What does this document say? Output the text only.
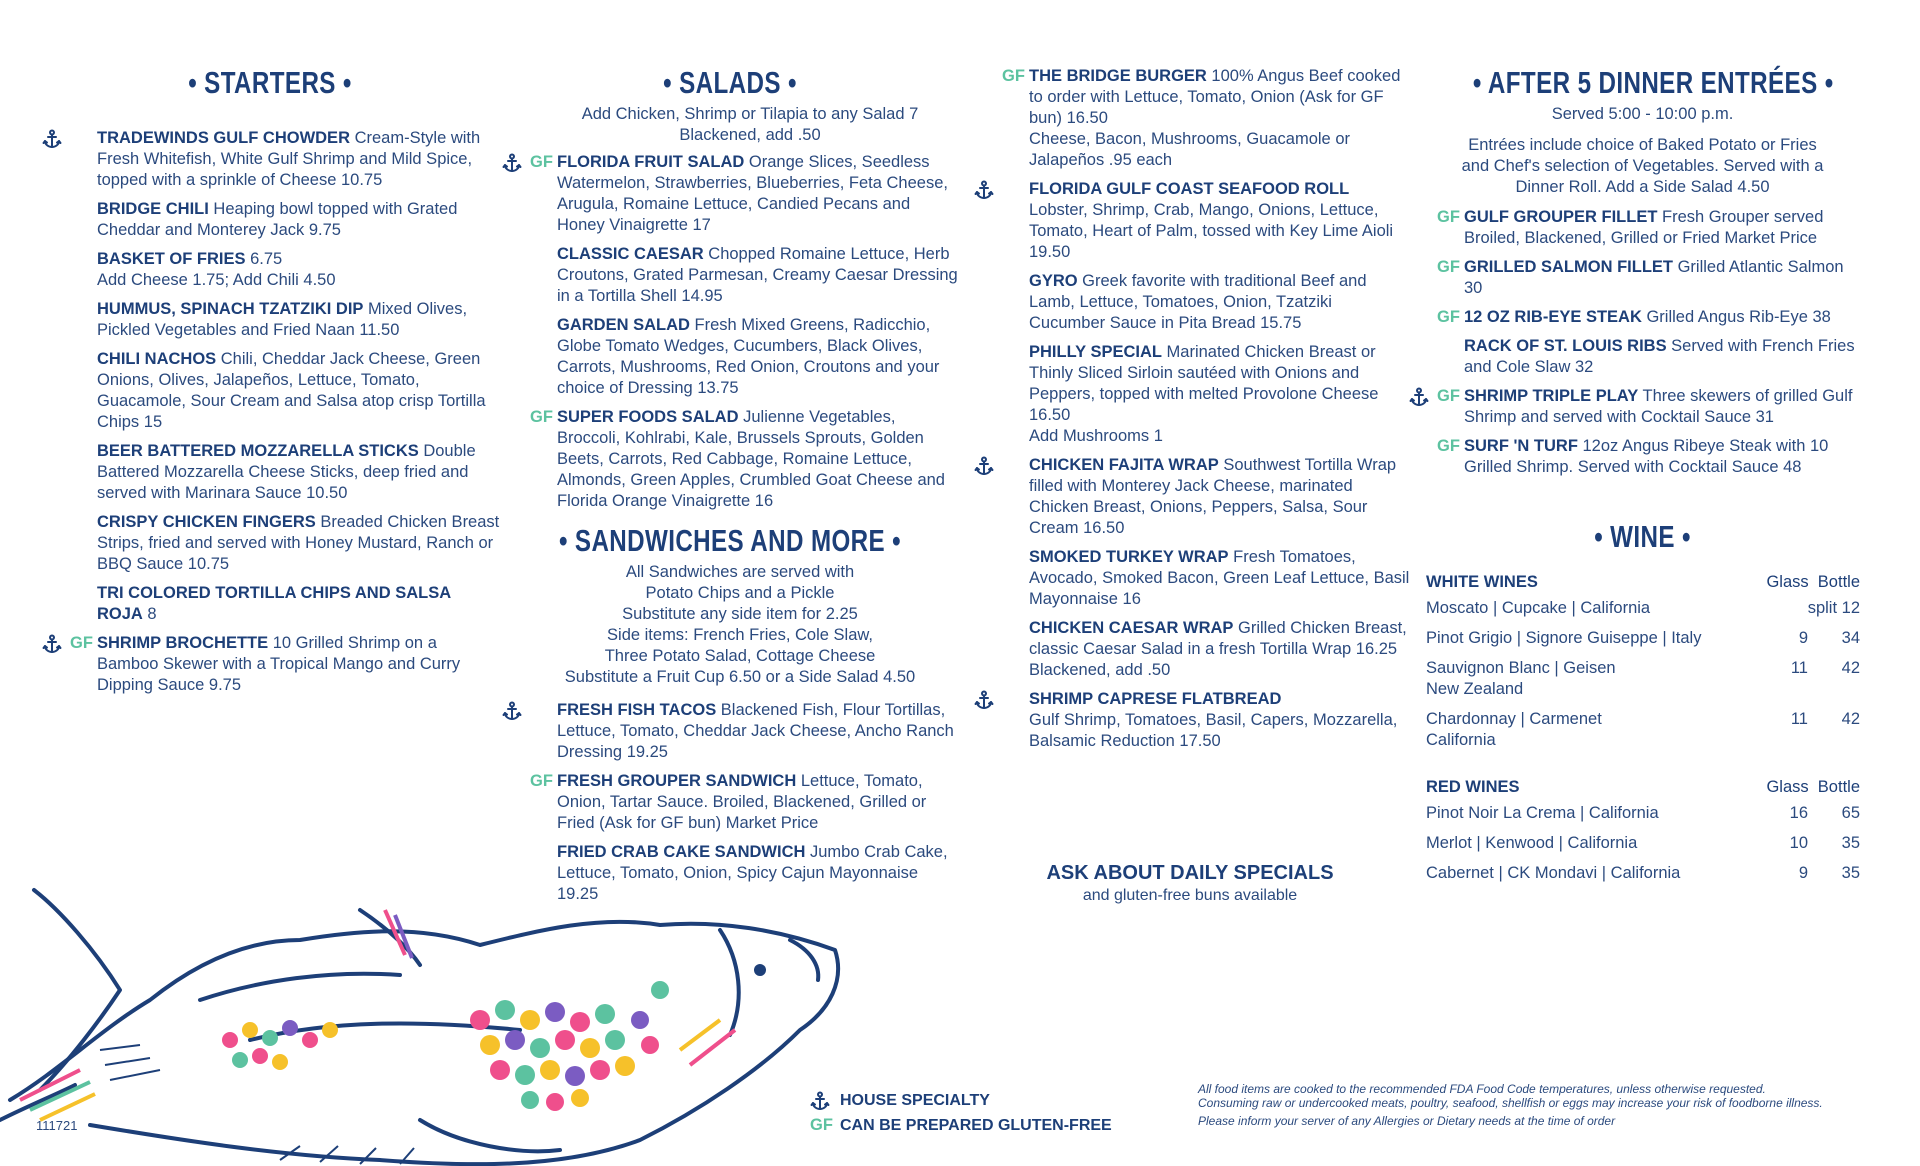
• STARTERS •
TRADEWINDS GULF CHOWDER Cream-Style with Fresh Whitefish, White Gulf Shrimp and Mild Spice, topped with a sprinkle of Cheese 10.75
BRIDGE CHILI Heaping bowl topped with Grated Cheddar and Monterey Jack 9.75
BASKET OF FRIES 6.75
Add Cheese 1.75; Add Chili 4.50
HUMMUS, SPINACH TZATZIKI DIP Mixed Olives, Pickled Vegetables and Fried Naan 11.50
CHILI NACHOS Chili, Cheddar Jack Cheese, Green Onions, Olives, Jalapeños, Lettuce, Tomato, Guacamole, Sour Cream and Salsa atop crisp Tortilla Chips 15
BEER BATTERED MOZZARELLA STICKS Double Battered Mozzarella Cheese Sticks, deep fried and served with Marinara Sauce 10.50
CRISPY CHICKEN FINGERS Breaded Chicken Breast Strips, fried and served with Honey Mustard, Ranch or BBQ Sauce 10.75
TRI COLORED TORTILLA CHIPS AND SALSA ROJA 8
GF SHRIMP BROCHETTE 10 Grilled Shrimp on a Bamboo Skewer with a Tropical Mango and Curry Dipping Sauce 9.75
• SALADS •
Add Chicken, Shrimp or Tilapia to any Salad 7
Blackened, add .50
GF FLORIDA FRUIT SALAD Orange Slices, Seedless Watermelon, Strawberries, Blueberries, Feta Cheese, Arugula, Romaine Lettuce, Candied Pecans and Honey Vinaigrette 17
CLASSIC CAESAR Chopped Romaine Lettuce, Herb Croutons, Grated Parmesan, Creamy Caesar Dressing in a Tortilla Shell 14.95
GARDEN SALAD Fresh Mixed Greens, Radicchio, Globe Tomato Wedges, Cucumbers, Black Olives, Carrots, Mushrooms, Red Onion, Croutons and your choice of Dressing 13.75
GF SUPER FOODS SALAD Julienne Vegetables, Broccoli, Kohlrabi, Kale, Brussels Sprouts, Golden Beets, Carrots, Red Cabbage, Romaine Lettuce, Almonds, Green Apples, Crumbled Goat Cheese and Florida Orange Vinaigrette 16
• SANDWICHES AND MORE •
All Sandwiches are served with
Potato Chips and a Pickle
Substitute any side item for 2.25
Side items: French Fries, Cole Slaw,
Three Potato Salad, Cottage Cheese
Substitute a Fruit Cup 6.50 or a Side Salad 4.50
FRESH FISH TACOS Blackened Fish, Flour Tortillas, Lettuce, Tomato, Cheddar Jack Cheese, Ancho Ranch Dressing 19.25
GF FRESH GROUPER SANDWICH Lettuce, Tomato, Onion, Tartar Sauce. Broiled, Blackened, Grilled or Fried (Ask for GF bun) Market Price
FRIED CRAB CAKE SANDWICH Jumbo Crab Cake, Lettuce, Tomato, Onion, Spicy Cajun Mayonnaise 19.25
GF THE BRIDGE BURGER 100% Angus Beef cooked to order with Lettuce, Tomato, Onion (Ask for GF bun) 16.50
Cheese, Bacon, Mushrooms, Guacamole or Jalapeños .95 each
FLORIDA GULF COAST SEAFOOD ROLL
Lobster, Shrimp, Crab, Mango, Onions, Lettuce, Tomato, Heart of Palm, tossed with Key Lime Aioli 19.50
GYRO Greek favorite with traditional Beef and Lamb, Lettuce, Tomatoes, Onion, Tzatziki Cucumber Sauce in Pita Bread 15.75
PHILLY SPECIAL Marinated Chicken Breast or Thinly Sliced Sirloin sautéed with Onions and Peppers, topped with melted Provolone Cheese 16.50
Add Mushrooms 1
CHICKEN FAJITA WRAP Southwest Tortilla Wrap filled with Monterey Jack Cheese, marinated Chicken Breast, Onions, Peppers, Salsa, Sour Cream 16.50
SMOKED TURKEY WRAP Fresh Tomatoes, Avocado, Smoked Bacon, Green Leaf Lettuce, Basil Mayonnaise 16
CHICKEN CAESAR WRAP Grilled Chicken Breast, classic Caesar Salad in a fresh Tortilla Wrap 16.25
Blackened, add .50
SHRIMP CAPRESE FLATBREAD
Gulf Shrimp, Tomatoes, Basil, Capers, Mozzarella, Balsamic Reduction 17.50
• AFTER 5 DINNER ENTRÉES •
Served 5:00 - 10:00 p.m.
Entrées include choice of Baked Potato or Fries and Chef's selection of Vegetables. Served with a Dinner Roll. Add a Side Salad 4.50
GF GULF GROUPER FILLET Fresh Grouper served Broiled, Blackened, Grilled or Fried Market Price
GF GRILLED SALMON FILLET Grilled Atlantic Salmon 30
GF 12 OZ RIB-EYE STEAK Grilled Angus Rib-Eye 38
RACK OF ST. LOUIS RIBS Served with French Fries and Cole Slaw 32
GF SHRIMP TRIPLE PLAY Three skewers of grilled Gulf Shrimp and served with Cocktail Sauce 31
GF SURF 'N TURF 12oz Angus Ribeye Steak with 10 Grilled Shrimp. Served with Cocktail Sauce 48
• WINE •
WHITE WINES	Glass  Bottle
Moscato | Cupcake | California	split 12
Pinot Grigio | Signore Guiseppe | Italy	9	34
Sauvignon Blanc | Geisen
New Zealand
11	42
Chardonnay | Carmenet
California
11	42
RED WINES	Glass  Bottle
Pinot Noir La Crema | California	16	65
Merlot | Kenwood | California	10	35
Cabernet | CK Mondavi | California	9	35
ASK ABOUT DAILY SPECIALS
and gluten-free buns available
HOUSE SPECIALTY
GF CAN BE PREPARED GLUTEN-FREE

All food items are cooked to the recommended FDA Food Code temperatures, unless otherwise requested.

Consuming raw or undercooked meats, poultry, seafood, shellfish or eggs may increase your risk of foodborne illness.

Please inform your server of any Allergies or Dietary needs at the time of order

111721
